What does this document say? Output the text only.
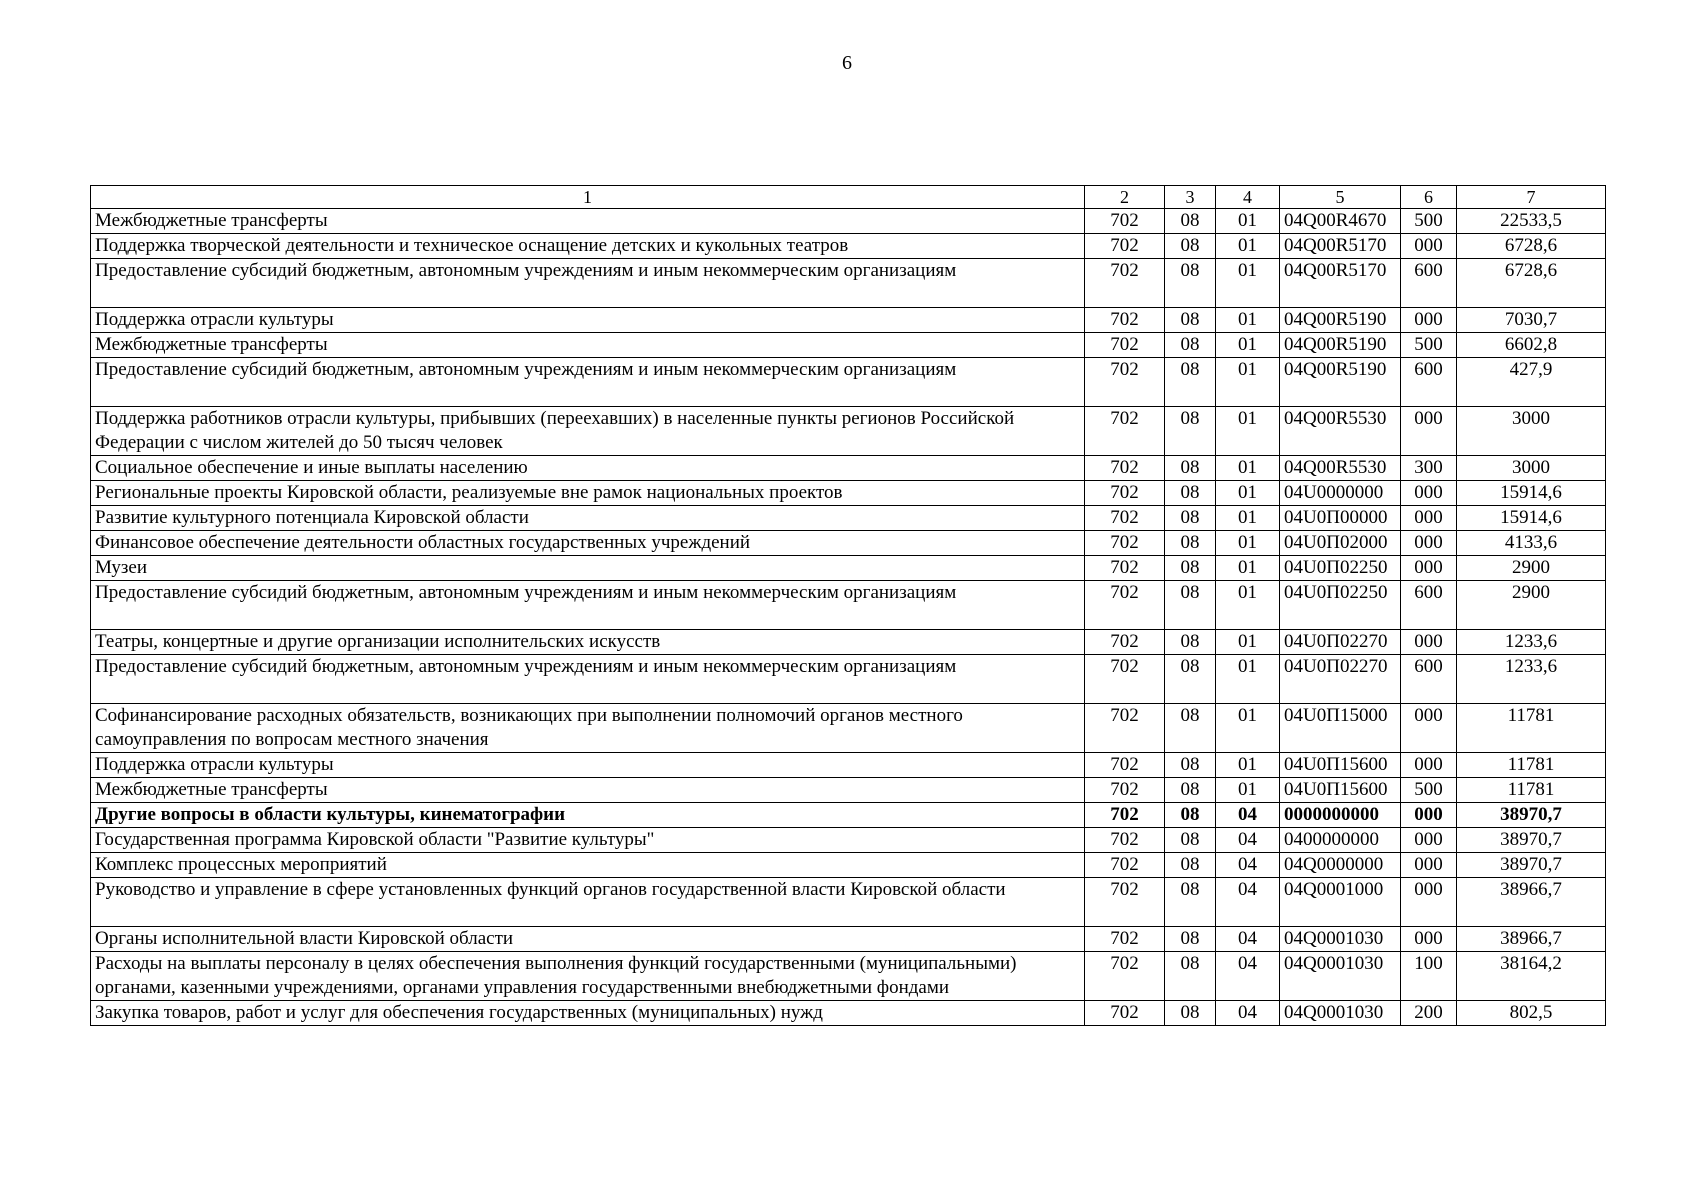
6
1	2	3	4	5	6	7
Межбюджетные трансферты	702	08	01	04Q00R4670	500	22533,5
Поддержка творческой деятельности и техническое оснащение детских и кукольных театров	702	08	01	04Q00R5170	000	6728,6
Предоставление субсидий бюджетным, автономным учреждениям и иным некоммерческим организациям	702	08	01	04Q00R5170	600	6728,6
Поддержка отрасли культуры	702	08	01	04Q00R5190	000	7030,7
Межбюджетные трансферты	702	08	01	04Q00R5190	500	6602,8
Предоставление субсидий бюджетным, автономным учреждениям и иным некоммерческим организациям	702	08	01	04Q00R5190	600	427,9
Поддержка работников отрасли культуры, прибывших (переехавших) в населенные пункты регионов Российской Федерации с числом жителей до 50 тысяч человек	702	08	01	04Q00R5530	000	3000
Социальное обеспечение и иные выплаты населению	702	08	01	04Q00R5530	300	3000
Региональные проекты Кировской области, реализуемые вне рамок национальных проектов	702	08	01	04U0000000	000	15914,6
Развитие культурного потенциала Кировской области	702	08	01	04U0П00000	000	15914,6
Финансовое обеспечение деятельности областных государственных учреждений	702	08	01	04U0П02000	000	4133,6
Музеи	702	08	01	04U0П02250	000	2900
Предоставление субсидий бюджетным, автономным учреждениям и иным некоммерческим организациям	702	08	01	04U0П02250	600	2900
Театры, концертные и другие организации исполнительских искусств	702	08	01	04U0П02270	000	1233,6
Предоставление субсидий бюджетным, автономным учреждениям и иным некоммерческим организациям	702	08	01	04U0П02270	600	1233,6
Софинансирование расходных обязательств, возникающих при выполнении полномочий органов местного самоуправления по вопросам местного значения	702	08	01	04U0П15000	000	11781
Поддержка отрасли культуры	702	08	01	04U0П15600	000	11781
Межбюджетные трансферты	702	08	01	04U0П15600	500	11781
Другие вопросы в области культуры, кинематографии	702	08	04	0000000000	000	38970,7
Государственная программа Кировской области "Развитие культуры"	702	08	04	0400000000	000	38970,7
Комплекс процессных мероприятий	702	08	04	04Q0000000	000	38970,7
Руководство и управление в сфере установленных функций органов государственной власти Кировской области	702	08	04	04Q0001000	000	38966,7
Органы исполнительной власти Кировской области	702	08	04	04Q0001030	000	38966,7
Расходы на выплаты персоналу в целях обеспечения выполнения функций государственными (муниципальными) органами, казенными учреждениями, органами управления государственными внебюджетными фондами	702	08	04	04Q0001030	100	38164,2
Закупка товаров, работ и услуг для обеспечения государственных (муниципальных) нужд	702	08	04	04Q0001030	200	802,5
